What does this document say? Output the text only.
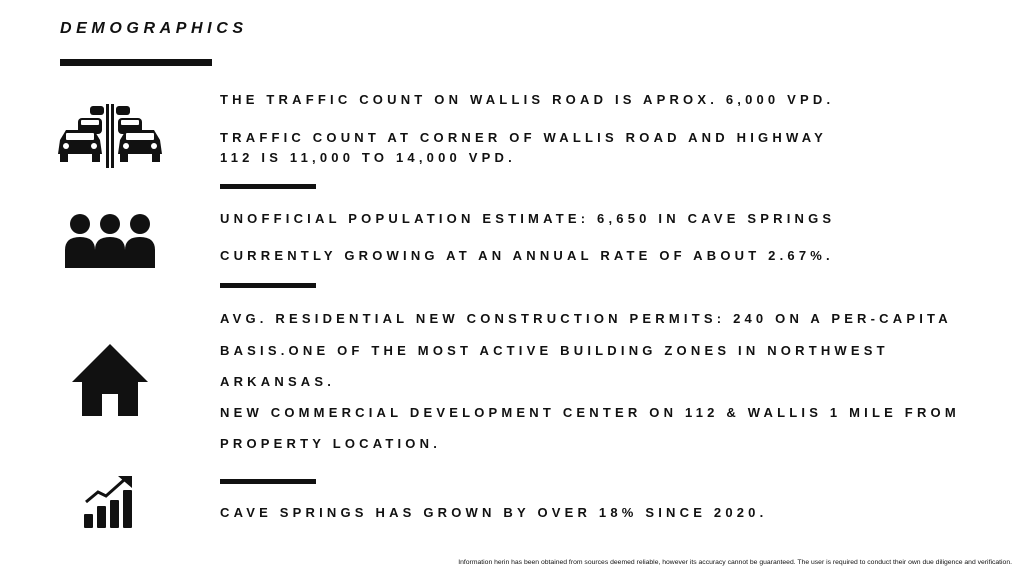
DEMOGRAPHICS
THE TRAFFIC COUNT ON WALLIS ROAD IS APROX. 6,000 VPD.
TRAFFIC COUNT AT CORNER OF WALLIS ROAD AND HIGHWAY
112 IS 11,000 TO 14,000 VPD.
UNOFFICIAL POPULATION ESTIMATE: 6,650 IN CAVE SPRINGS
CURRENTLY GROWING AT AN ANNUAL RATE OF ABOUT 2.67%.
AVG. RESIDENTIAL NEW CONSTRUCTION PERMITS: 240 ON A PER-CAPITA
BASIS.ONE OF THE MOST ACTIVE BUILDING ZONES IN NORTHWEST
ARKANSAS.
NEW COMMERCIAL DEVELOPMENT CENTER ON 112 & WALLIS 1 MILE FROM
PROPERTY LOCATION.
CAVE SPRINGS HAS GROWN BY OVER 18% SINCE 2020.
Information herin has been obtained from sources deemed reliable, however its accuracy cannot be guaranteed. The user is required to conduct their own due diligence and verification.
